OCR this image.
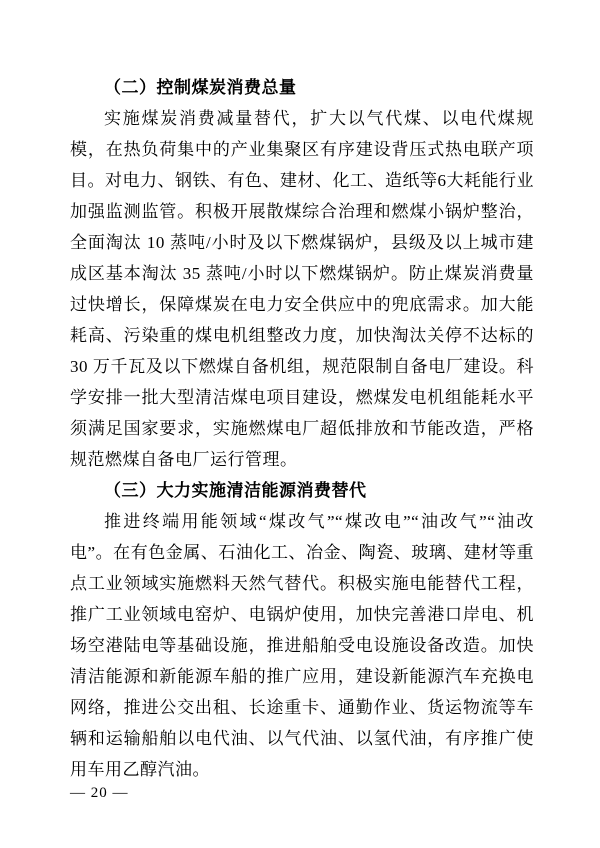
（二）控制煤炭消费总量

实施煤炭消费减量替代，扩大以气代煤、以电代煤规模，在热负荷集中的产业集聚区有序建设背压式热电联产项目。对电力、钢铁、有色、建材、化工、造纸等6大耗能行业加强监测监管。积极开展散煤综合治理和燃煤小锅炉整治，全面淘汰 10 蒸吨/小时及以下燃煤锅炉，县级及以上城市建成区基本淘汰 35 蒸吨/小时以下燃煤锅炉。防止煤炭消费量过快增长，保障煤炭在电力安全供应中的兜底需求。加大能耗高、污染重的煤电机组整改力度，加快淘汰关停不达标的 30 万千瓦及以下燃煤自备机组，规范限制自备电厂建设。科学安排一批大型清洁煤电项目建设，燃煤发电机组能耗水平须满足国家要求，实施燃煤电厂超低排放和节能改造，严格规范燃煤自备电厂运行管理。

（三）大力实施清洁能源消费替代

推进终端用能领域“煤改气”“煤改电”“油改气”“油改电”。在有色金属、石油化工、冶金、陶瓷、玻璃、建材等重点工业领域实施燃料天然气替代。积极实施电能替代工程，推广工业领域电窑炉、电锅炉使用，加快完善港口岸电、机场空港陆电等基础设施，推进船舶受电设施设备改造。加快清洁能源和新能源车船的推广应用，建设新能源汽车充换电网络，推进公交出租、长途重卡、通勤作业、货运物流等车辆和运输船舶以电代油、以气代油、以氢代油，有序推广使用车用乙醇汽油。

— 20 —
